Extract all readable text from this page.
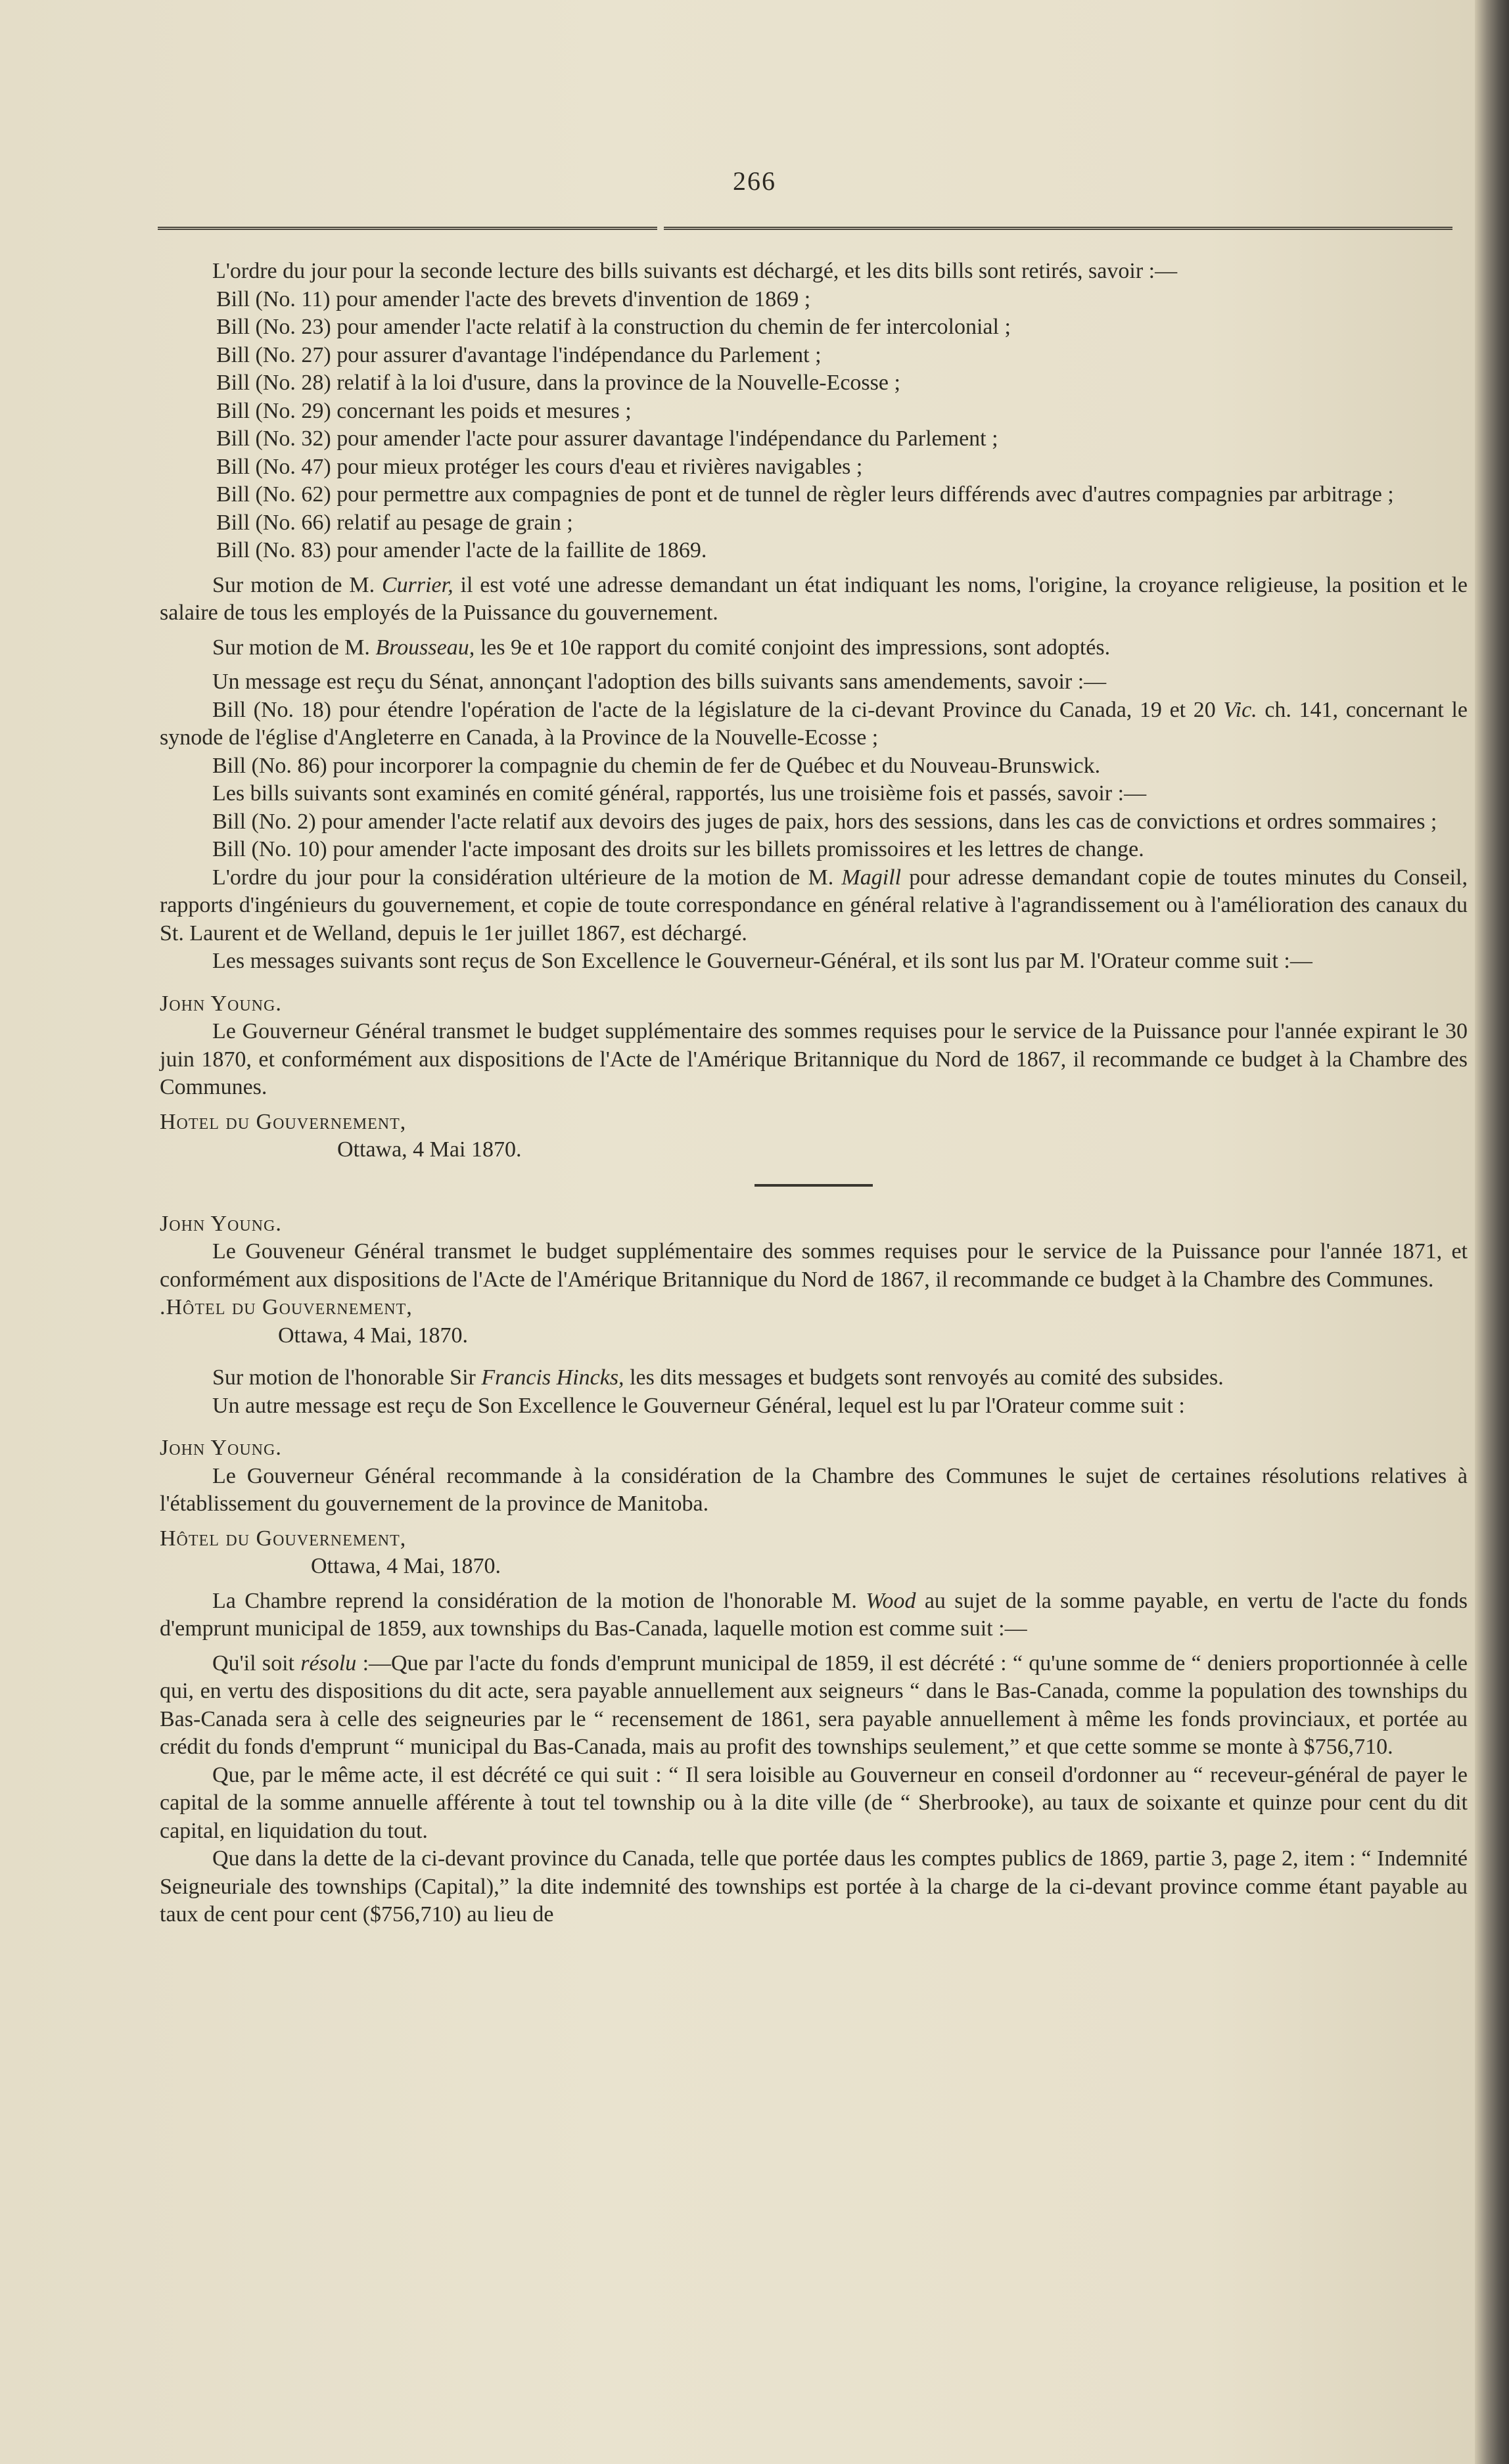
266

L'ordre du jour pour la seconde lecture des bills suivants est déchargé, et les dits bills sont retirés, savoir :—

Bill (No. 11) pour amender l'acte des brevets d'invention de 1869 ;

Bill (No. 23) pour amender l'acte relatif à la construction du chemin de fer intercolonial ;

Bill (No. 27) pour assurer d'avantage l'indépendance du Parlement ;

Bill (No. 28) relatif à la loi d'usure, dans la province de la Nouvelle-Ecosse ;

Bill (No. 29) concernant les poids et mesures ;

Bill (No. 32) pour amender l'acte pour assurer davantage l'indépendance du Parlement ;

Bill (No. 47) pour mieux protéger les cours d'eau et rivières navigables ;

Bill (No. 62) pour permettre aux compagnies de pont et de tunnel de règler leurs différends avec d'autres compagnies par arbitrage ;

Bill (No. 66) relatif au pesage de grain ;

Bill (No. 83) pour amender l'acte de la faillite de 1869.

Sur motion de M. Currier, il est voté une adresse demandant un état indiquant les noms, l'origine, la croyance religieuse, la position et le salaire de tous les employés de la Puissance du gouvernement.

Sur motion de M. Brousseau, les 9e et 10e rapport du comité conjoint des impressions, sont adoptés.

Un message est reçu du Sénat, annonçant l'adoption des bills suivants sans amendements, savoir :—

Bill (No. 18) pour étendre l'opération de l'acte de la législature de la ci-devant Province du Canada, 19 et 20 Vic. ch. 141, concernant le synode de l'église d'Angleterre en Canada, à la Province de la Nouvelle-Ecosse ;

Bill (No. 86) pour incorporer la compagnie du chemin de fer de Québec et du Nouveau-Brunswick.

Les bills suivants sont examinés en comité général, rapportés, lus une troisième fois et passés, savoir :—

Bill (No. 2) pour amender l'acte relatif aux devoirs des juges de paix, hors des sessions, dans les cas de convictions et ordres sommaires ;

Bill (No. 10) pour amender l'acte imposant des droits sur les billets promissoires et les lettres de change.

L'ordre du jour pour la considération ultérieure de la motion de M. Magill pour adresse demandant copie de toutes minutes du Conseil, rapports d'ingénieurs du gouvernement, et copie de toute correspondance en général relative à l'agrandissement ou à l'amélioration des canaux du St. Laurent et de Welland, depuis le 1er juillet 1867, est déchargé.

Les messages suivants sont reçus de Son Excellence le Gouverneur-Général, et ils sont lus par M. l'Orateur comme suit :—

John Young.

Le Gouverneur Général transmet le budget supplémentaire des sommes requises pour le service de la Puissance pour l'année expirant le 30 juin 1870, et conformément aux dispositions de l'Acte de l'Amérique Britannique du Nord de 1867, il recommande ce budget à la Chambre des Communes.

Hotel du Gouvernement,

Ottawa, 4 Mai 1870.

John Young.

Le Gouveneur Général transmet le budget supplémentaire des sommes requises pour le service de la Puissance pour l'année 1871, et conformément aux dispositions de l'Acte de l'Amérique Britannique du Nord de 1867, il recommande ce budget à la Chambre des Communes.

.Hôtel du Gouvernement,

Ottawa, 4 Mai, 1870.

Sur motion de l'honorable Sir Francis Hincks, les dits messages et budgets sont renvoyés au comité des subsides.

Un autre message est reçu de Son Excellence le Gouverneur Général, lequel est lu par l'Orateur comme suit :

John Young.

Le Gouverneur Général recommande à la considération de la Chambre des Communes le sujet de certaines résolutions relatives à l'établissement du gouvernement de la province de Manitoba.

Hôtel du Gouvernement,

Ottawa, 4 Mai, 1870.

La Chambre reprend la considération de la motion de l'honorable M. Wood au sujet de la somme payable, en vertu de l'acte du fonds d'emprunt municipal de 1859, aux townships du Bas-Canada, laquelle motion est comme suit :—

Qu'il soit résolu :—Que par l'acte du fonds d'emprunt municipal de 1859, il est décrété : “ qu'une somme de “ deniers proportionnée à celle qui, en vertu des dispositions du dit acte, sera payable annuellement aux seigneurs “ dans le Bas-Canada, comme la population des townships du Bas-Canada sera à celle des seigneuries par le “ recensement de 1861, sera payable annuellement à même les fonds provinciaux, et portée au crédit du fonds d'emprunt “ municipal du Bas-Canada, mais au profit des townships seulement,” et que cette somme se monte à $756,710.

Que, par le même acte, il est décrété ce qui suit : “ Il sera loisible au Gouverneur en conseil d'ordonner au “ receveur-général de payer le capital de la somme annuelle afférente à tout tel township ou à la dite ville (de “ Sherbrooke), au taux de soixante et quinze pour cent du dit capital, en liquidation du tout.

Que dans la dette de la ci-devant province du Canada, telle que portée daus les comptes publics de 1869, partie 3, page 2, item : “ Indemnité Seigneuriale des townships (Capital),” la dite indemnité des townships est portée à la charge de la ci-devant province comme étant payable au taux de cent pour cent ($756,710) au lieu de
